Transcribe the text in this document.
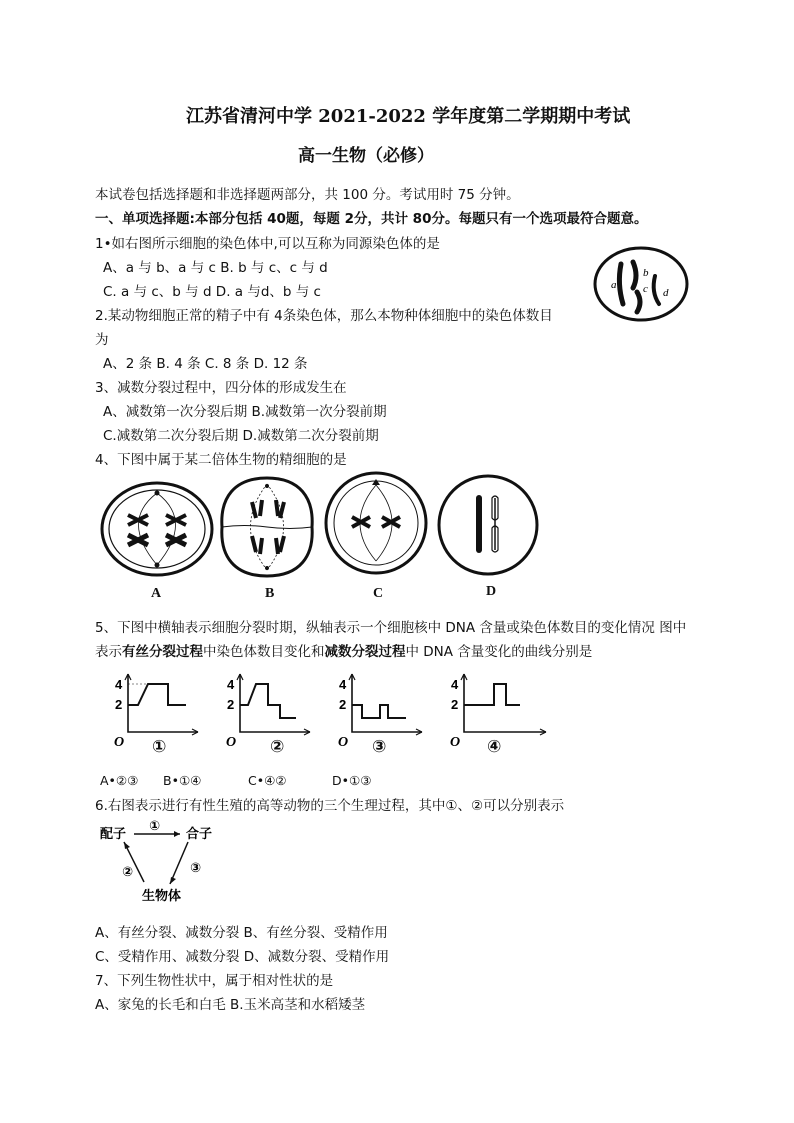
江苏省清河中学 2021-2022 学年度第二学期期中考试
高一生物（必修）
本试卷包括选择题和非选择题两部分，共 100 分。考试用时 75 分钟。
一、单项选择题:本部分包括 40题，每题 2分，共计 80分。每题只有一个选项最符合题意。
1•如右图所示细胞的染色体中,可以互称为同源染色体的是
A、a 与 b、a 与 c B. b 与 c、c 与 d
C. a 与 c、b 与 d D. a 与d、b 与 c	a
b
c d
2.某动物细胞正常的精子中有 4条染色体，那么本物种体细胞中的染色体数目
为
A、2 条 B. 4 条 C. 8 条 D. 12 条
3、减数分裂过程中，四分体的形成发生在
A、减数第一次分裂后期 B.减数第一次分裂前期
C.减数第二次分裂后期 D.减数第二次分裂前期
4、下图中属于某二倍体生物的精细胞的是
A	B	C	D
5、下图中横轴表示细胞分裂时期，纵轴表示一个细胞核中 DNA 含量或染色体数目的变化情况 图中
表示有丝分裂过程中染色体数目变化和减数分裂过程中 DNA 含量变化的曲线分别是
4
2
O
4
2
O
4
2
O
4
2
O
①	②	③	④
A•②③ B•①④	C•④②	D•①③
6.右图表示进行有性生殖的高等动物的三个生理过程，其中①、②可以分别表示
配子	合子
生物体
①
②	③
A、有丝分裂、减数分裂 B、有丝分裂、受精作用
C、受精作用、减数分裂 D、减数分裂、受精作用
7、下列生物性状中，属于相对性状的是
A、家兔的长毛和白毛 B.玉米高茎和水稻矮茎
